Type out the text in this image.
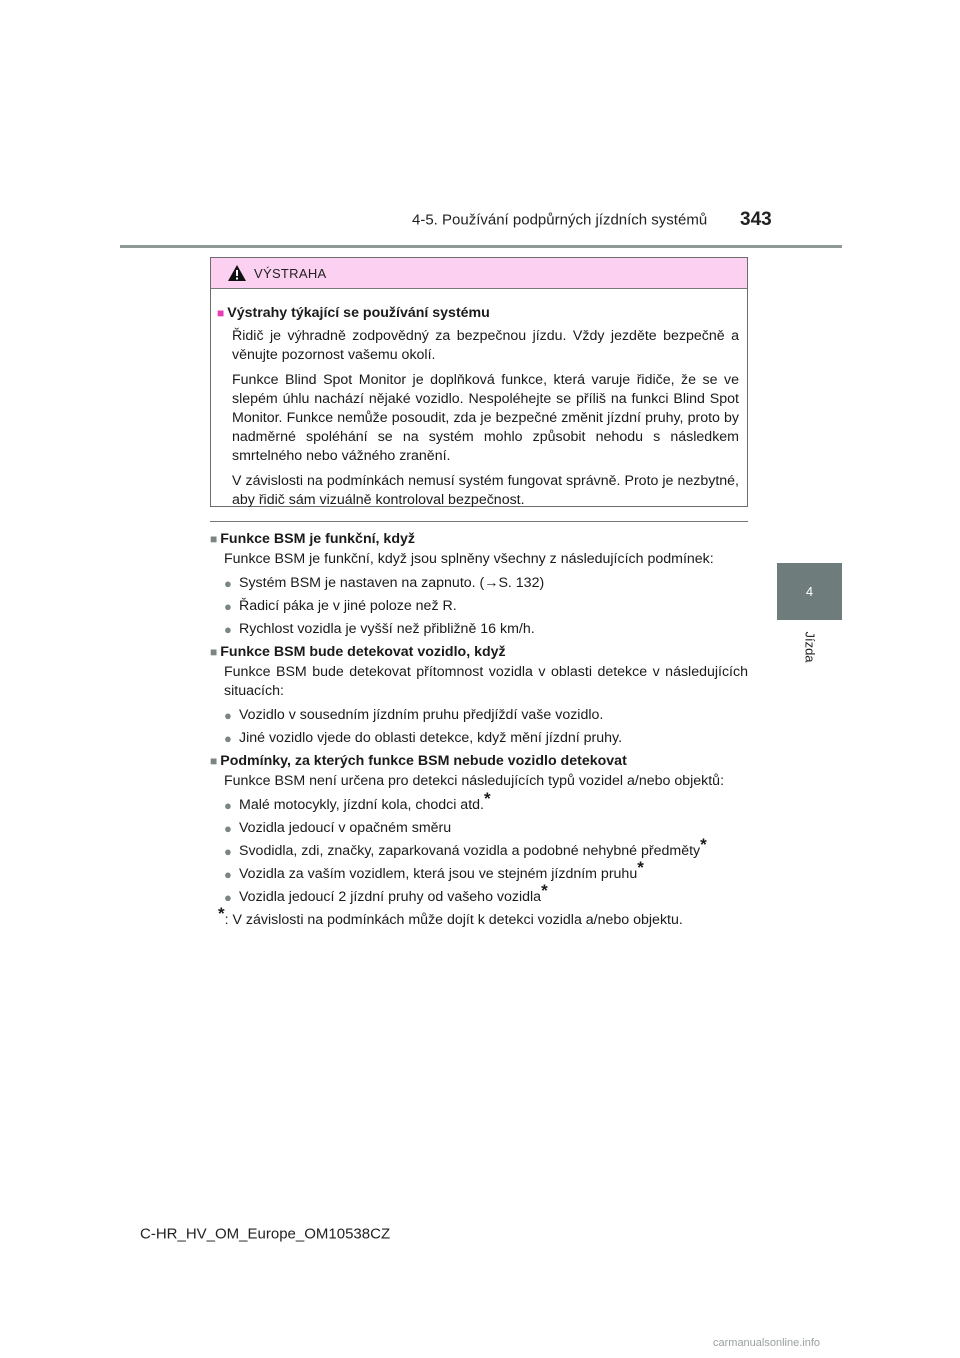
4-5. Používání podpůrných jízdních systémů 343
4
Jízda
VÝSTRAHA
■ Výstrahy týkající se používání systému

Řidič je výhradně zodpovědný za bezpečnou jízdu. Vždy jezděte bezpečně a věnujte pozornost vašemu okolí.

Funkce Blind Spot Monitor je doplňková funkce, která varuje řidiče, že se ve slepém úhlu nachází nějaké vozidlo. Nespoléhejte se příliš na funkci Blind Spot Monitor. Funkce nemůže posoudit, zda je bezpečné změnit jízdní pruhy, proto by nadměrné spoléhání se na systém mohlo způsobit nehodu s následkem smrtelného nebo vážného zranění.

V závislosti na podmínkách nemusí systém fungovat správně. Proto je nezbytné, aby řidič sám vizuálně kontroloval bezpečnost.

■ Funkce BSM je funkční, když

Funkce BSM je funkční, když jsou splněny všechny z následujících podmínek:

● Systém BSM je nastaven na zapnuto. (→S. 132)
● Řadicí páka je v jiné poloze než R.
● Rychlost vozidla je vyšší než přibližně 16 km/h.
■ Funkce BSM bude detekovat vozidlo, když

Funkce BSM bude detekovat přítomnost vozidla v oblasti detekce v následujících situacích:

● Vozidlo v sousedním jízdním pruhu předjíždí vaše vozidlo.
● Jiné vozidlo vjede do oblasti detekce, když mění jízdní pruhy.
■ Podmínky, za kterých funkce BSM nebude vozidlo detekovat

Funkce BSM není určena pro detekci následujících typů vozidel a/nebo objektů:

● Malé motocykly, jízdní kola, chodci atd.*
● Vozidla jedoucí v opačném směru
● Svodidla, zdi, značky, zaparkovaná vozidla a podobné nehybné předměty*
● Vozidla za vaším vozidlem, která jsou ve stejném jízdním pruhu*
● Vozidla jedoucí 2 jízdní pruhy od vašeho vozidla*
*: V závislosti na podmínkách může dojít k detekci vozidla a/nebo objektu.
C-HR_HV_OM_Europe_OM10538CZ
carmanualsonline.info
